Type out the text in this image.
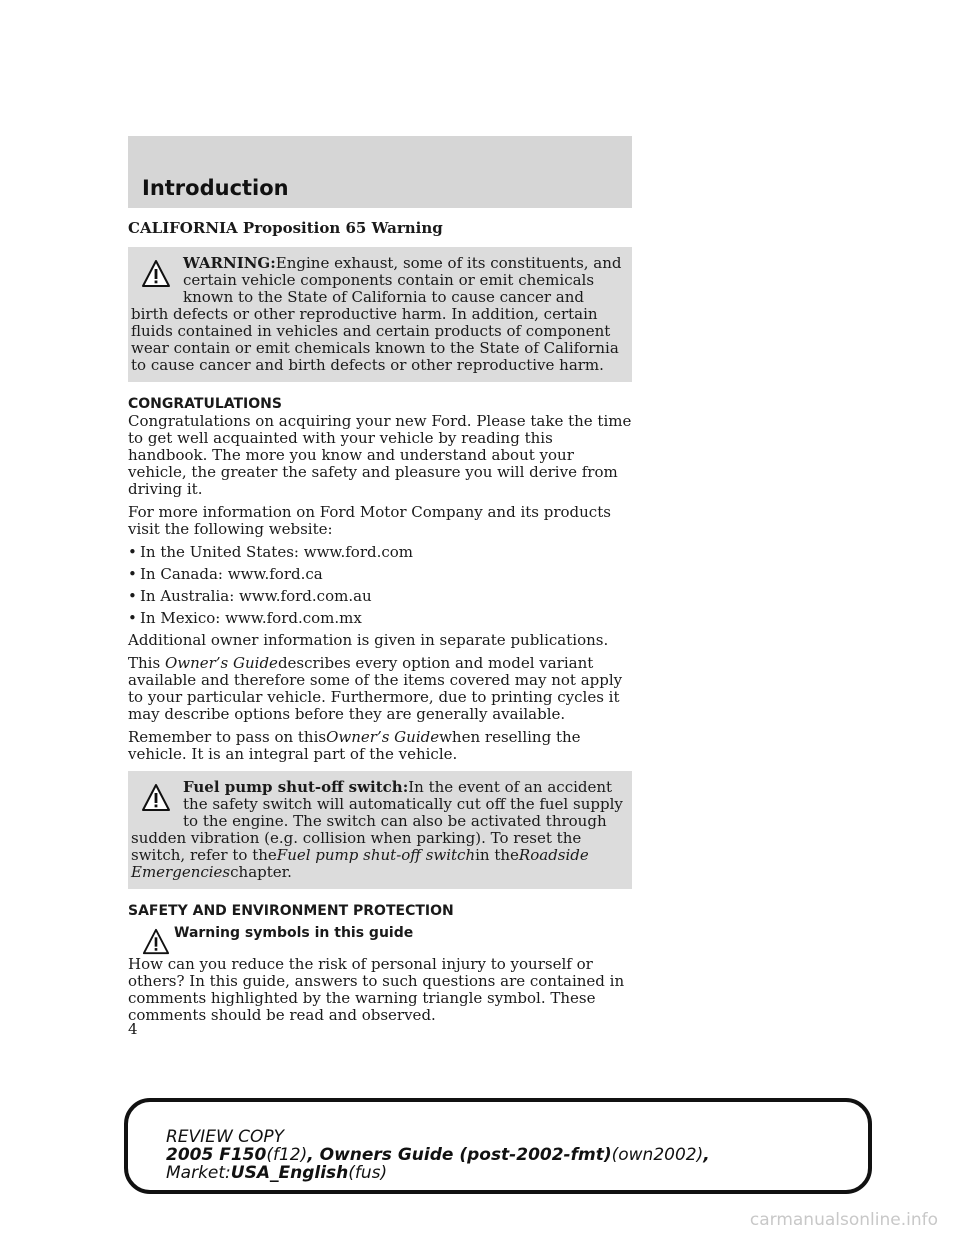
Introduction
CALIFORNIA Proposition 65 Warning
WARNING:Engine exhaust, some of its constituents, and certain vehicle components contain or emit chemicals known to the State of California to cause cancer and birth defects or other reproductive harm. In addition, certain fluids contained in vehicles and certain products of component wear contain or emit chemicals known to the State of California to cause cancer and birth defects or other reproductive harm.
CONGRATULATIONS

Congratulations on acquiring your new Ford. Please take the time to get well acquainted with your vehicle by reading this handbook. The more you know and understand about your vehicle, the greater the safety and pleasure you will derive from driving it.

For more information on Ford Motor Company and its products visit the following website:

• In the United States: www.ford.com
• In Canada: www.ford.ca
• In Australia: www.ford.com.au
• In Mexico: www.ford.com.mx

Additional owner information is given in separate publications.

This Owner’s Guidedescribes every option and model variant available and therefore some of the items covered may not apply to your particular vehicle. Furthermore, due to printing cycles it may describe options before they are generally available.

Remember to pass on thisOwner’s Guidewhen reselling the vehicle. It is an integral part of the vehicle.

Fuel pump shut-off switch:In the event of an accident the safety switch will automatically cut off the fuel supply to the engine. The switch can also be activated through sudden vibration (e.g. collision when parking). To reset the switch, refer to theFuel pump shut-off switchin theRoadside Emergencieschapter.
SAFETY AND ENVIRONMENT PROTECTION
Warning symbols in this guide

How can you reduce the risk of personal injury to yourself or others? In this guide, answers to such questions are contained in comments highlighted by the warning triangle symbol. These comments should be read and observed.

4
REVIEW COPY
2005 F150(f12), Owners Guide (post-2002-fmt)(own2002),
Market:USA_English(fus)
carmanualsonline.info
